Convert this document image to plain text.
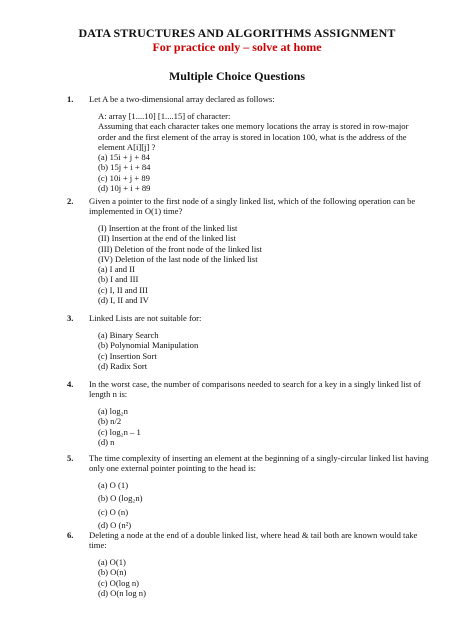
DATA STRUCTURES AND ALGORITHMS ASSIGNMENT
For practice only – solve at home
Multiple Choice Questions
1. Let A be a two-dimensional array declared as follows:
A: array [1....10] [1....15] of character:
Assuming that each character takes one memory locations the array is stored in row-major
order and the first element of the array is stored in location 100, what is the address of the
element A[i][j] ?
(a) 15i + j + 84
(b) 15j + i + 84
(c) 10i + j + 89
(d) 10j + i + 89
2. Given a pointer to the first node of a singly linked list, which of the following operation can be
implemented in O(1) time?
(I) Insertion at the front of the linked list
(II) Insertion at the end of the linked list
(III) Deletion of the front node of the linked list
(IV) Deletion of the last node of the linked list
(a) I and II
(b) I and III
(c) I, II and III
(d) I, II and IV
3. Linked Lists are not suitable for:
(a) Binary Search
(b) Polynomial Manipulation
(c) Insertion Sort
(d) Radix Sort
4. In the worst case, the number of comparisons needed to search for a key in a singly linked list of
length n is:
(a) log₂n
(b) n/2
(c) log₂n – 1
(d) n
5. The time complexity of inserting an element at the beginning of a singly-circular linked list having
only one external pointer pointing to the head is:
(a) O (1)
(b) O (log₂n)
(c) O (n)
(d) O (n²)
6. Deleting a node at the end of a double linked list, where head & tail both are known would take
time:
(a) O(1)
(b) O(n)
(c) O(log n)
(d) O(n log n)
